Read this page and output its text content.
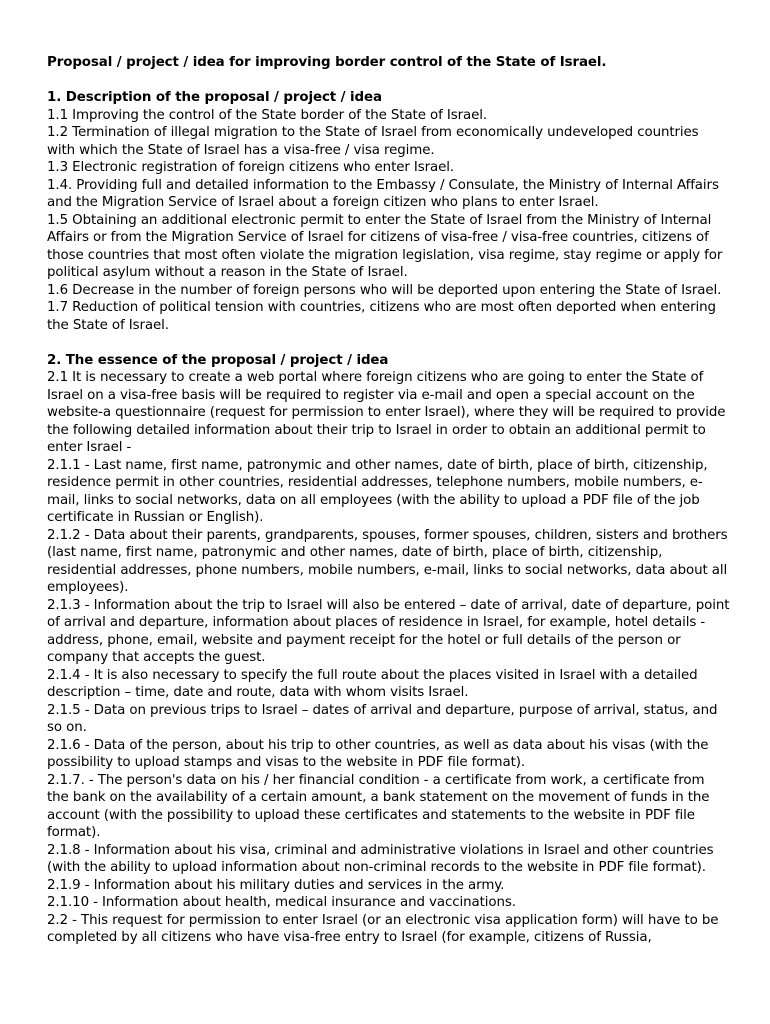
Proposal / project / idea for improving border control of the State of Israel.
1. Description of the proposal / project / idea
1.1 Improving the control of the State border of the State of Israel.
1.2 Termination of illegal migration to the State of Israel from economically undeveloped countries with which the State of Israel has a visa-free / visa regime.
1.3 Electronic registration of foreign citizens who enter Israel.
1.4. Providing full and detailed information to the Embassy / Consulate, the Ministry of Internal Affairs and the Migration Service of Israel about a foreign citizen who plans to enter Israel.
1.5 Obtaining an additional electronic permit to enter the State of Israel from the Ministry of Internal Affairs or from the Migration Service of Israel for citizens of visa-free / visa-free countries, citizens of those countries that most often violate the migration legislation, visa regime, stay regime or apply for political asylum without a reason in the State of Israel.
1.6 Decrease in the number of foreign persons who will be deported upon entering the State of Israel.
1.7 Reduction of political tension with countries, citizens who are most often deported when entering the State of Israel.
2. The essence of the proposal / project / idea
2.1 It is necessary to create a web portal where foreign citizens who are going to enter the State of Israel on a visa-free basis will be required to register via e-mail and open a special account on the website-a questionnaire (request for permission to enter Israel), where they will be required to provide the following detailed information about their trip to Israel in order to obtain an additional permit to enter Israel -
2.1.1 - Last name, first name, patronymic and other names, date of birth, place of birth, citizenship, residence permit in other countries, residential addresses, telephone numbers, mobile numbers, e-mail, links to social networks, data on all employees (with the ability to upload a PDF file of the job certificate in Russian or English).
2.1.2 - Data about their parents, grandparents, spouses, former spouses, children, sisters and brothers (last name, first name, patronymic and other names, date of birth, place of birth, citizenship, residential addresses, phone numbers, mobile numbers, e-mail, links to social networks, data about all employees).
2.1.3 - Information about the trip to Israel will also be entered – date of arrival, date of departure, point of arrival and departure, information about places of residence in Israel, for example, hotel details - address, phone, email, website and payment receipt for the hotel or full details of the person or company that accepts the guest.
2.1.4 - It is also necessary to specify the full route about the places visited in Israel with a detailed description – time, date and route, data with whom visits Israel.
2.1.5 - Data on previous trips to Israel – dates of arrival and departure, purpose of arrival, status, and so on.
2.1.6 - Data of the person, about his trip to other countries, as well as data about his visas (with the possibility to upload stamps and visas to the website in PDF file format).
2.1.7. - The person's data on his / her financial condition - a certificate from work, a certificate from the bank on the availability of a certain amount, a bank statement on the movement of funds in the account (with the possibility to upload these certificates and statements to the website in PDF file format).
2.1.8 - Information about his visa, criminal and administrative violations in Israel and other countries (with the ability to upload information about non-criminal records to the website in PDF file format).
2.1.9 - Information about his military duties and services in the army.
2.1.10 - Information about health, medical insurance and vaccinations.
2.2 - This request for permission to enter Israel (or an electronic visa application form) will have to be completed by all citizens who have visa-free entry to Israel (for example, citizens of Russia,
